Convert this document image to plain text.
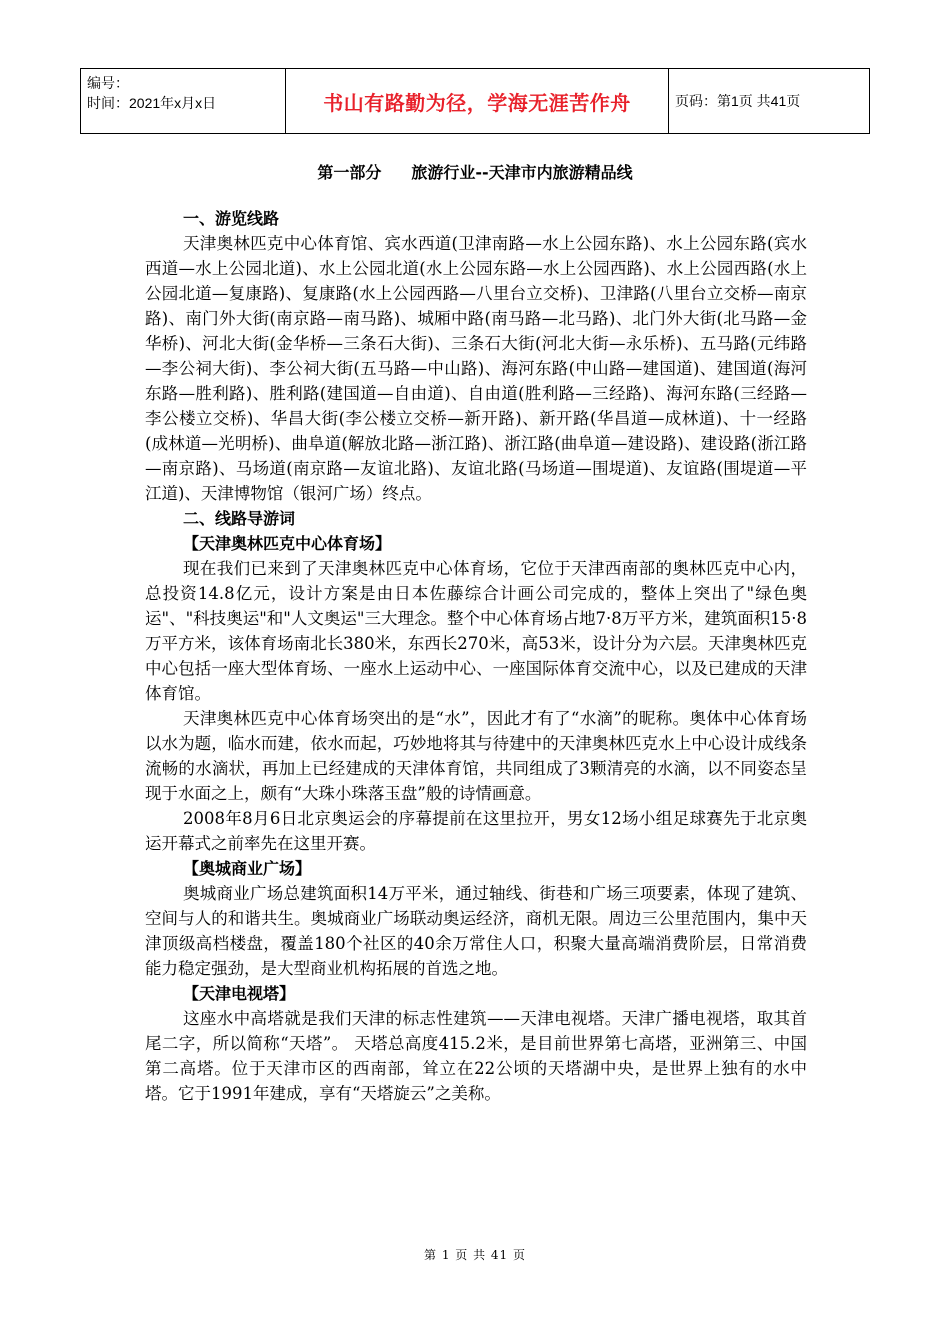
编号：
时间：2021年x月x日	书山有路勤为径，学海无涯苦作舟	页码：第1页 共41页
第一部分 旅游行业--天津市内旅游精品线
一、游览线路

天津奥林匹克中心体育馆、宾水西道(卫津南路—水上公园东路)、水上公园东路(宾水西道—水上公园北道)、水上公园北道(水上公园东路—水上公园西路)、水上公园西路(水上公园北道—复康路)、复康路(水上公园西路—八里台立交桥)、卫津路(八里台立交桥—南京路)、南门外大街(南京路—南马路)、城厢中路(南马路—北马路)、北门外大街(北马路—金华桥)、河北大街(金华桥—三条石大街)、三条石大街(河北大街—永乐桥)、五马路(元纬路—李公祠大街)、李公祠大街(五马路—中山路)、海河东路(中山路—建国道)、建国道(海河东路—胜利路)、胜利路(建国道—自由道)、自由道(胜利路—三经路)、海河东路(三经路—李公楼立交桥)、华昌大街(李公楼立交桥—新开路)、新开路(华昌道—成林道)、十一经路(成林道—光明桥)、曲阜道(解放北路—浙江路)、浙江路(曲阜道—建设路)、建设路(浙江路—南京路)、马场道(南京路—友谊北路)、友谊北路(马场道—围堤道)、友谊路(围堤道—平江道)、天津博物馆（银河广场）终点。

二、线路导游词
【天津奥林匹克中心体育场】

现在我们已来到了天津奥林匹克中心体育场，它位于天津西南部的奥林匹克中心内，总投资14.8亿元，设计方案是由日本佐藤综合计画公司完成的，整体上突出了"绿色奥运"、"科技奥运"和"人文奥运"三大理念。整个中心体育场占地7·8万平方米，建筑面积15·8万平方米，该体育场南北长380米，东西长270米，高53米，设计分为六层。天津奥林匹克中心包括一座大型体育场、一座水上运动中心、一座国际体育交流中心，以及已建成的天津体育馆。

天津奥林匹克中心体育场突出的是“水”，因此才有了“水滴”的昵称。奥体中心体育场以水为题，临水而建，依水而起，巧妙地将其与待建中的天津奥林匹克水上中心设计成线条流畅的水滴状，再加上已经建成的天津体育馆，共同组成了3颗清亮的水滴，以不同姿态呈现于水面之上，颇有“大珠小珠落玉盘”般的诗情画意。

2008年8月6日北京奥运会的序幕提前在这里拉开，男女12场小组足球赛先于北京奥运开幕式之前率先在这里开赛。

【奥城商业广场】

奥城商业广场总建筑面积14万平米，通过轴线、街巷和广场三项要素，体现了建筑、空间与人的和谐共生。奥城商业广场联动奥运经济，商机无限。周边三公里范围内，集中天津顶级高档楼盘，覆盖180个社区的40余万常住人口，积聚大量高端消费阶层，日常消费能力稳定强劲，是大型商业机构拓展的首选之地。

【天津电视塔】

这座水中高塔就是我们天津的标志性建筑——天津电视塔。天津广播电视塔，取其首尾二字，所以简称“天塔”。 天塔总高度415.2米，是目前世界第七高塔，亚洲第三、中国第二高塔。位于天津市区的西南部，耸立在22公顷的天塔湖中央，是世界上独有的水中塔。它于1991年建成，享有“天塔旋云”之美称。

第 1 页 共 41 页
